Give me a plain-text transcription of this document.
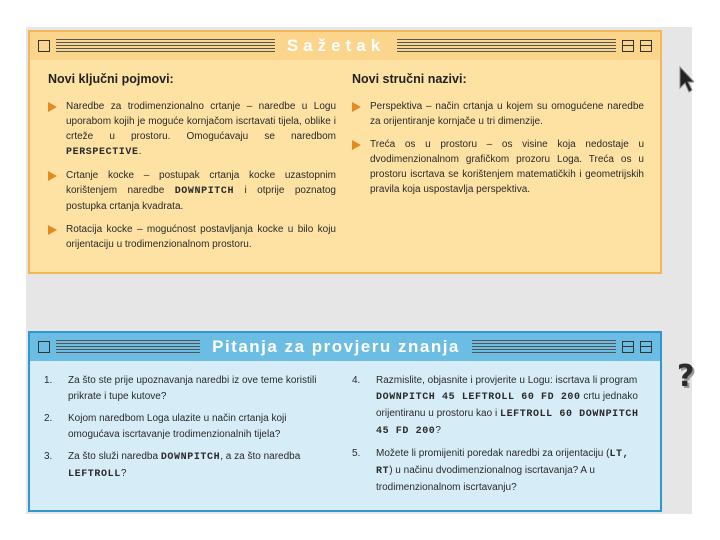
Sažetak
Novi ključni pojmovi:
Naredbe za trodimenzionalno crtanje – naredbe u Logu uporabom kojih je moguće kornjačom iscrtavati tijela, oblike i crteže u prostoru. Omogućavaju se naredbom PERSPECTIVE.
Crtanje kocke – postupak crtanja kocke uzastopnim korištenjem naredbe DOWNPITCH i otprije poznatog postupka crtanja kvadrata.
Rotacija kocke – mogućnost postavljanja kocke u bilo koju orijentaciju u trodimenzionalnom prostoru.
Novi stručni nazivi:
Perspektiva – način crtanja u kojem su omogućene naredbe za orijentiranje kornjače u tri dimenzije.
Treća os u prostoru – os visine koja nedostaje u dvodimenzionalnom grafičkom prozoru Loga. Treća os u prostoru iscrtava se korištenjem matematičkih i geometrijskih pravila koja uspostavlja perspektiva.
Pitanja za provjeru znanja
1.	Za što ste prije upoznavanja naredbi iz ove teme koristili prikrate i tupe kutove?
2.	Kojom naredbom Loga ulazite u način crtanja koji omogućava iscrtavanje trodimenzionalnih tijela?
3.	Za što služi naredba DOWNPITCH, a za što naredba LEFTROLL?
4.	Razmislite, objasnite i provjerite u Logu: iscrtava li program DOWNPITCH 45 LEFTROLL 60 FD 200 crtu jednako orijentiranu u prostoru kao i LEFTROLL 60 DOWNPITCH 45 FD 200?
5.	Možete li promijeniti poredak naredbi za orijentaciju (LT, RT) u načinu dvodimenzionalnog iscrtavanja? A u trodimenzionalnom iscrtavanju?
?
